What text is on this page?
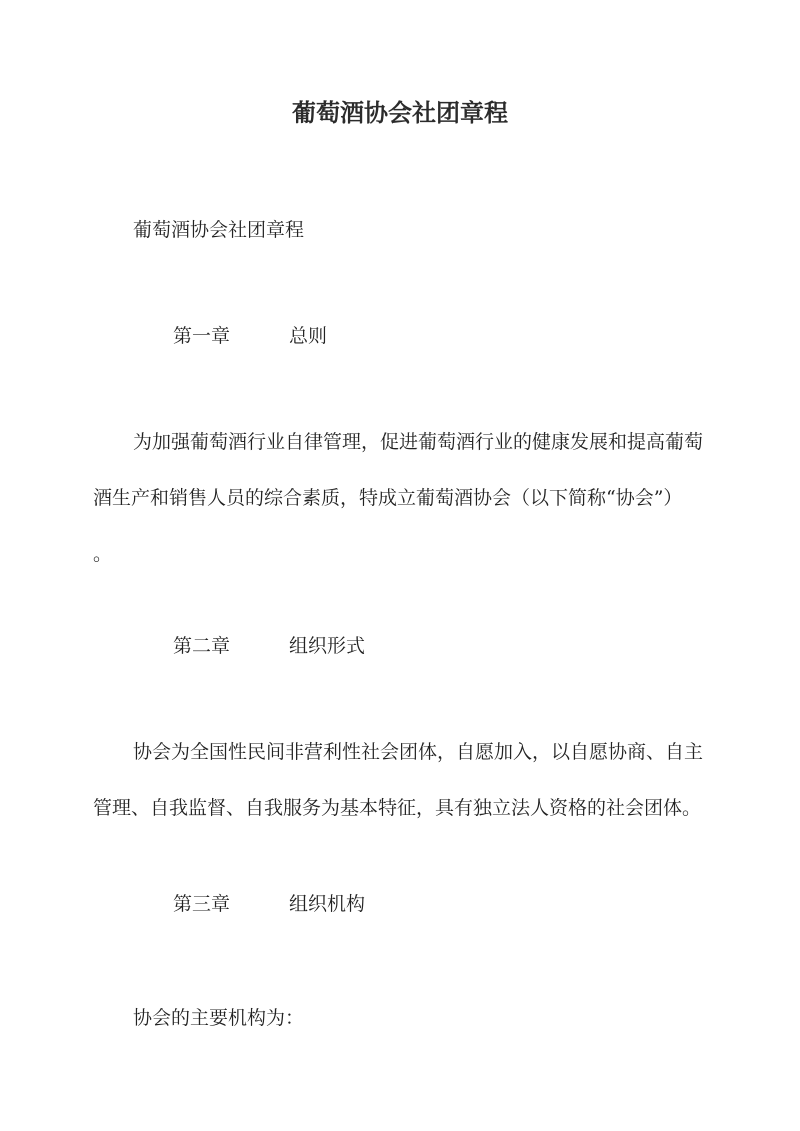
葡萄酒协会社团章程

葡萄酒协会社团章程

第一章	总则

为加强葡萄酒行业自律管理，促进葡萄酒行业的健康发展和提高葡萄
酒生产和销售人员的综合素质，特成立葡萄酒协会（以下简称“协会”）
。

第二章	组织形式

协会为全国性民间非营利性社会团体，自愿加入，以自愿协商、自主
管理、自我监督、自我服务为基本特征，具有独立法人资格的社会团体。

第三章	组织机构

协会的主要机构为：
